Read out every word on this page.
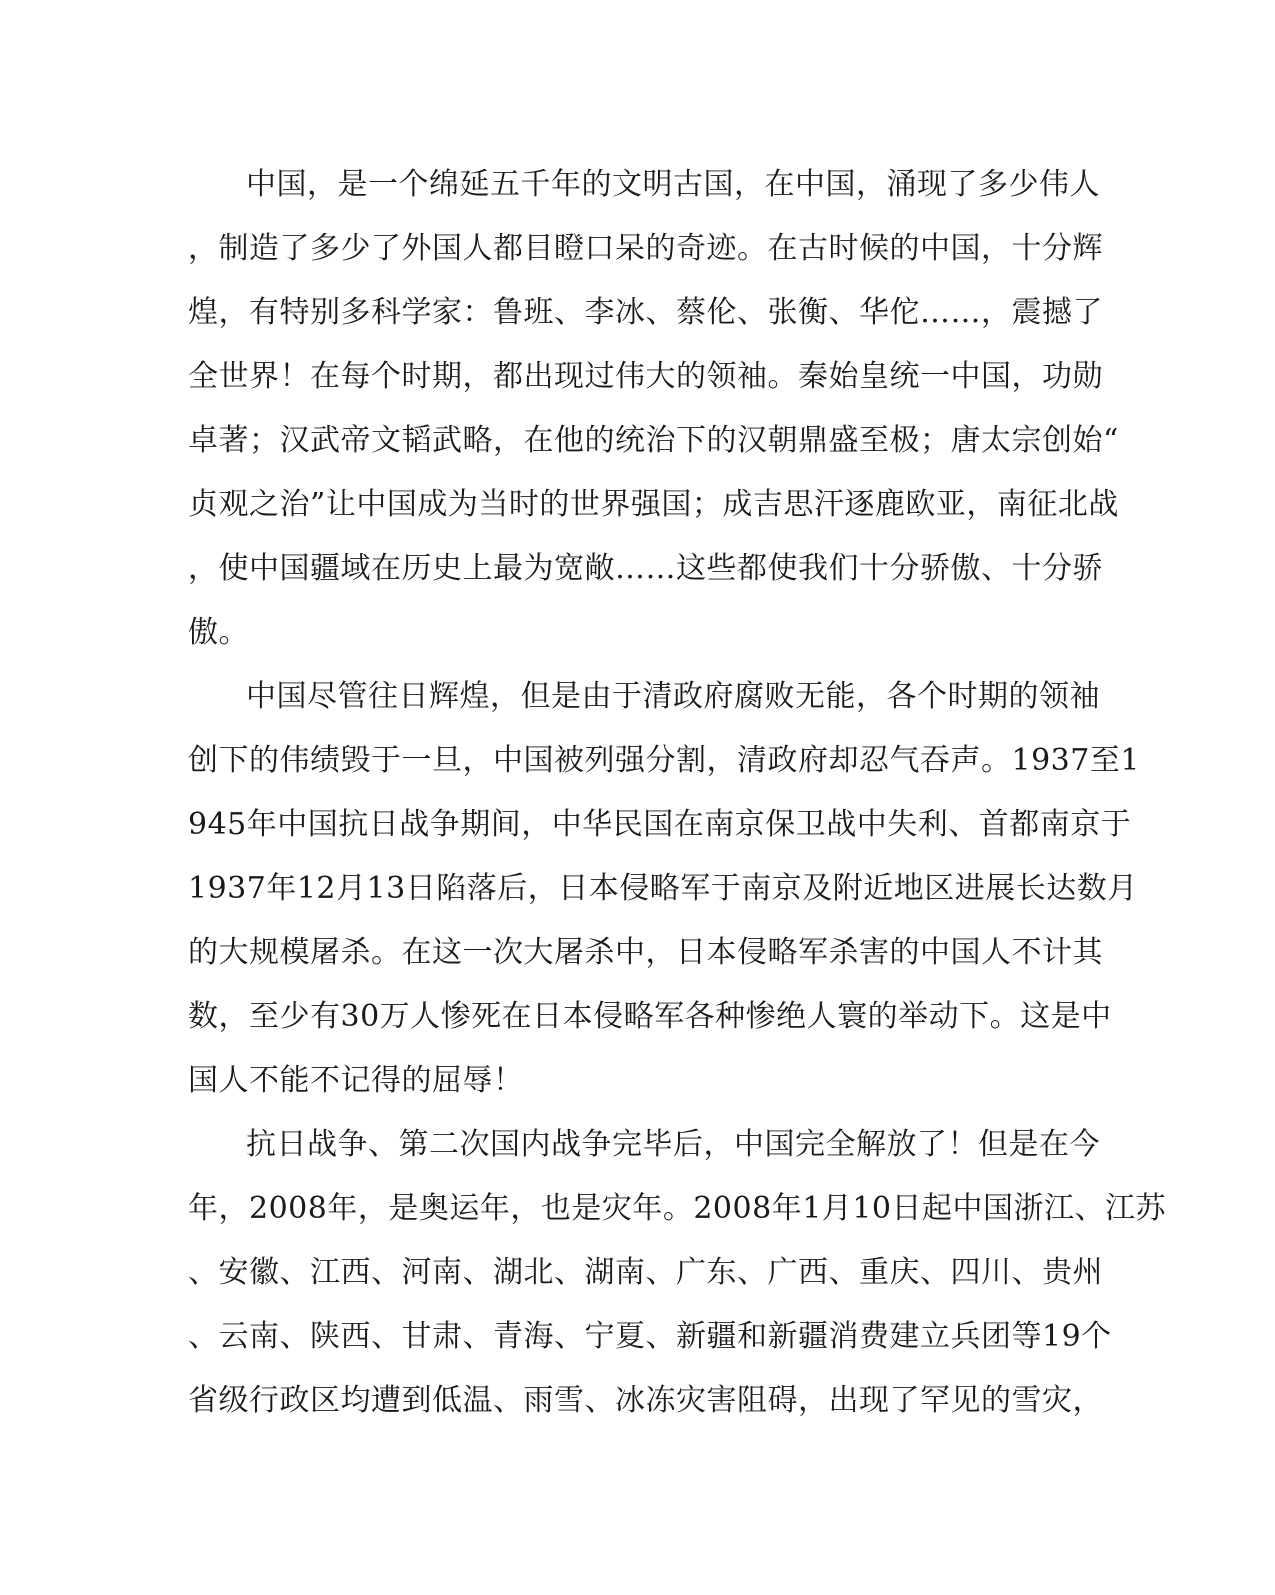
中国，是一个绵延五千年的文明古国，在中国，涌现了多少伟人
，制造了多少了外国人都目瞪口呆的奇迹。在古时候的中国，十分辉
煌，有特别多科学家：鲁班、李冰、蔡伦、张衡、华佗……，震撼了
全世界！在每个时期，都出现过伟大的领袖。秦始皇统一中国，功勋
卓著；汉武帝文韬武略，在他的统治下的汉朝鼎盛至极；唐太宗创始“
贞观之治”让中国成为当时的世界强国；成吉思汗逐鹿欧亚，南征北战
，使中国疆域在历史上最为宽敞……这些都使我们十分骄傲、十分骄
傲。
中国尽管往日辉煌，但是由于清政府腐败无能，各个时期的领袖
创下的伟绩毁于一旦，中国被列强分割，清政府却忍气吞声。1937至1
945年中国抗日战争期间，中华民国在南京保卫战中失利、首都南京于
1937年12月13日陷落后，日本侵略军于南京及附近地区进展长达数月
的大规模屠杀。在这一次大屠杀中，日本侵略军杀害的中国人不计其
数，至少有30万人惨死在日本侵略军各种惨绝人寰的举动下。这是中
国人不能不记得的屈辱！
抗日战争、第二次国内战争完毕后，中国完全解放了！但是在今
年，2008年，是奥运年，也是灾年。2008年1月10日起中国浙江、江苏
、安徽、江西、河南、湖北、湖南、广东、广西、重庆、四川、贵州
、云南、陕西、甘肃、青海、宁夏、新疆和新疆消费建立兵团等19个
省级行政区均遭到低温、雨雪、冰冻灾害阻碍，出现了罕见的雪灾，
